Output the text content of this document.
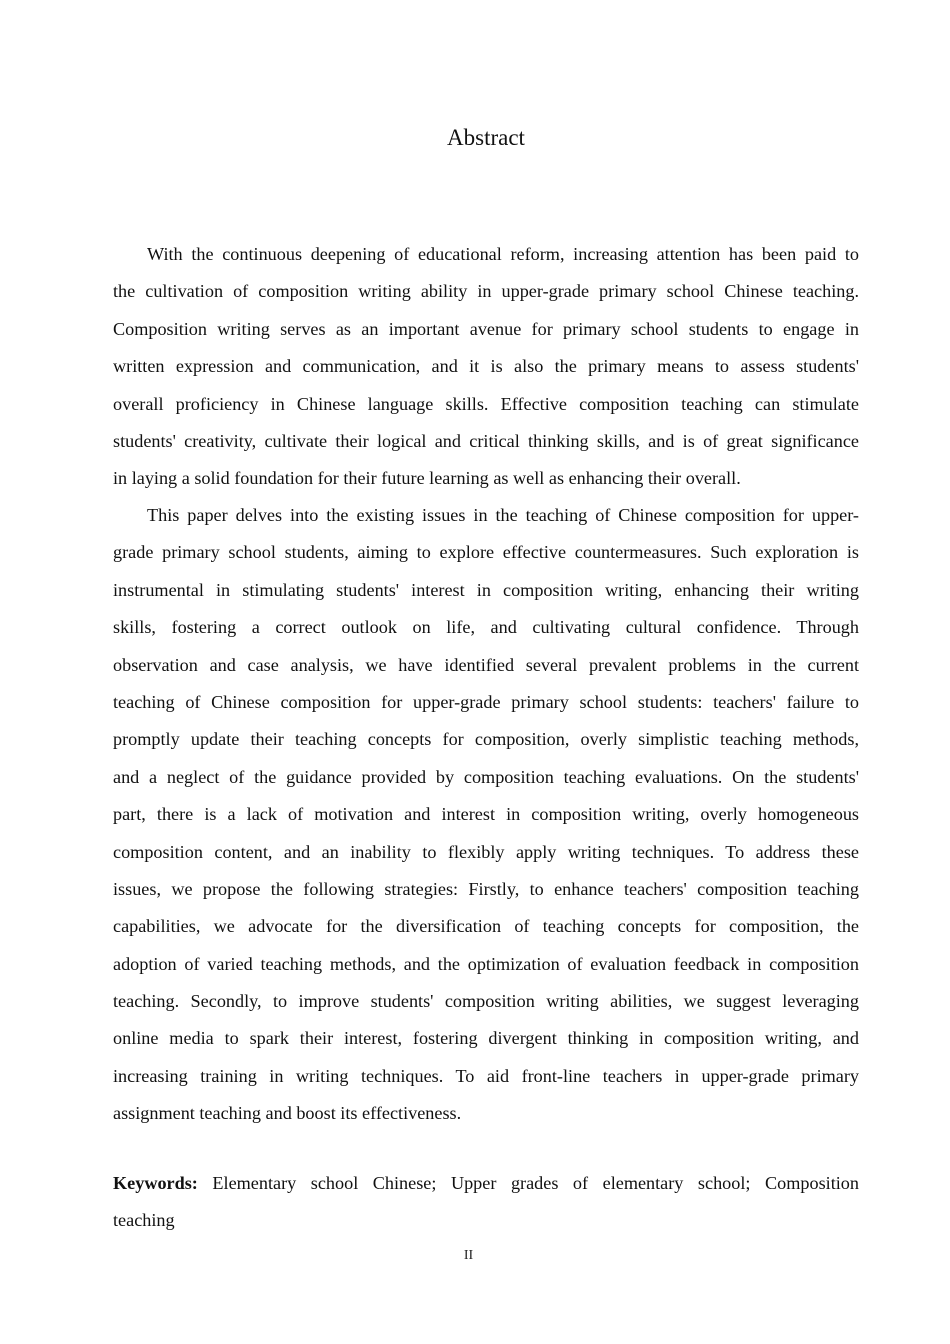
Abstract

With the continuous deepening of educational reform, increasing attention has been paid to
the cultivation of composition writing ability in upper-grade primary school Chinese teaching.
Composition writing serves as an important avenue for primary school students to engage in
written expression and communication, and it is also the primary means to assess students'
overall proficiency in Chinese language skills. Effective composition teaching can stimulate
students' creativity, cultivate their logical and critical thinking skills, and is of great significance
in laying a solid foundation for their future learning as well as enhancing their overall.

This paper delves into the existing issues in the teaching of Chinese composition for upper-
grade primary school students, aiming to explore effective countermeasures. Such exploration is
instrumental in stimulating students' interest in composition writing, enhancing their writing
skills, fostering a correct outlook on life, and cultivating cultural confidence. Through
observation and case analysis, we have identified several prevalent problems in the current
teaching of Chinese composition for upper-grade primary school students: teachers' failure to
promptly update their teaching concepts for composition, overly simplistic teaching methods,
and a neglect of the guidance provided by composition teaching evaluations. On the students'
part, there is a lack of motivation and interest in composition writing, overly homogeneous
composition content, and an inability to flexibly apply writing techniques. To address these
issues, we propose the following strategies: Firstly, to enhance teachers' composition teaching
capabilities, we advocate for the diversification of teaching concepts for composition, the
adoption of varied teaching methods, and the optimization of evaluation feedback in composition
teaching. Secondly, to improve students' composition writing abilities, we suggest leveraging
online media to spark their interest, fostering divergent thinking in composition writing, and
increasing training in writing techniques. To aid front-line teachers in upper-grade primary
assignment teaching and boost its effectiveness.

Keywords: Elementary school Chinese; Upper grades of elementary school; Composition
teaching
II
